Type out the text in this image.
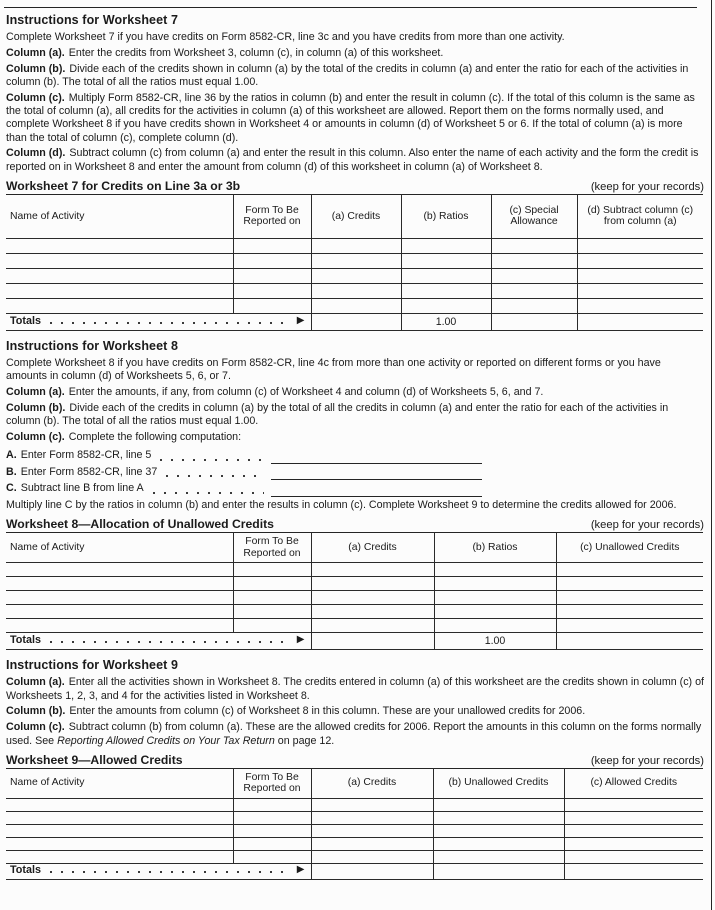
Instructions for Worksheet 7

Complete Worksheet 7 if you have credits on Form 8582-CR, line 3c and you have credits from more than one activity.

Column (a). Enter the credits from Worksheet 3, column (c), in column (a) of this worksheet.

Column (b). Divide each of the credits shown in column (a) by the total of the credits in column (a) and enter the ratio for each of the activities in column (b). The total of all the ratios must equal 1.00.

Column (c). Multiply Form 8582-CR, line 36 by the ratios in column (b) and enter the result in column (c). If the total of this column is the same as the total of column (a), all credits for the activities in column (a) of this worksheet are allowed. Report them on the forms normally used, and complete Worksheet 8 if you have credits shown in Worksheet 4 or amounts in column (d) of Worksheet 5 or 6. If the total of column (a) is more than the total of column (c), complete column (d).

Column (d). Subtract column (c) from column (a) and enter the result in this column. Also enter the name of each activity and the form the credit is reported on in Worksheet 8 and enter the amount from column (d) of this worksheet in column (a) of Worksheet 8.

Worksheet 7 for Credits on Line 3a or 3b	(keep for your records)
Name of Activity	Form To Be Reported on	(a) Credits	(b) Ratios	(c) Special Allowance	(d) Subtract column (c) from column (a)

Totals ▶			1.00		
Instructions for Worksheet 8

Complete Worksheet 8 if you have credits on Form 8582-CR, line 4c from more than one activity or reported on different forms or you have amounts in column (d) of Worksheets 5, 6, or 7.

Column (a). Enter the amounts, if any, from column (c) of Worksheet 4 and column (d) of Worksheets 5, 6, and 7.

Column (b). Divide each of the credits in column (a) by the total of all the credits in column (a) and enter the ratio for each of the activities in column (b). The total of all the ratios must equal 1.00.

Column (c). Complete the following computation:

A. Enter Form 8582-CR, line 5
B. Enter Form 8582-CR, line 37
C. Subtract line B from line A

Multiply line C by the ratios in column (b) and enter the results in column (c). Complete Worksheet 9 to determine the credits allowed for 2006.

Worksheet 8—Allocation of Unallowed Credits	(keep for your records)
Name of Activity	Form To Be Reported on	(a) Credits	(b) Ratios	(c) Unallowed Credits

Totals ▶			1.00	
Instructions for Worksheet 9

Column (a). Enter all the activities shown in Worksheet 8. The credits entered in column (a) of this worksheet are the credits shown in column (c) of Worksheets 1, 2, 3, and 4 for the activities listed in Worksheet 8.

Column (b). Enter the amounts from column (c) of Worksheet 8 in this column. These are your unallowed credits for 2006.

Column (c). Subtract column (b) from column (a). These are the allowed credits for 2006. Report the amounts in this column on the forms normally used. See Reporting Allowed Credits on Your Tax Return on page 12.

Worksheet 9—Allowed Credits	(keep for your records)
Name of Activity	Form To Be Reported on	(a) Credits	(b) Unallowed Credits	(c) Allowed Credits

Totals ▶				
